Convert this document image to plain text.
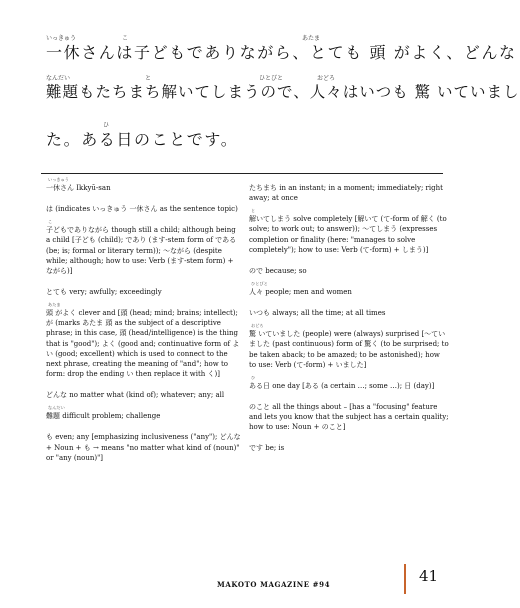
いっきゅう	こ	あたま
一休さんは子どもでありながら、とても 頭 がよく、どんな
なんだい	と	ひとびと	おどろ
難題もたちまち解いてしまうので、人々はいつも 驚 いていまし
ひ
た。ある日のことです。
いっきゅう
一休さん Ikkyū-san
は (indicates いっきゅう 一休さん as the sentence topic)
こ
子どもでありながら though still a child; although being a child [子ども (child); であり (ます-stem form of である (be; is; formal or literary term)); ～ながら (despite while; although; how to use: Verb (ます-stem form) + ながら)]
とても very; awfully; exceedingly
あたま
頭 がよく clever and [頭 (head; mind; brains; intellect); が (marks あたま 頭 as the subject of a descriptive phrase; in this case, 頭 (head/intelligence) is the thing that is "good"); よく (good and; continuative form of よい (good; excellent) which is used to connect to the next phrase, creating the meaning of "and"; how to form: drop the ending い then replace it with く)]
どんな no matter what (kind of); whatever; any; all
なんだい
難題 difficult problem; challenge
も even; any [emphasizing inclusiveness ("any"); どんな + Noun + も → means "no matter what kind of (noun)" or "any (noun)"]
たちまち in an instant; in a moment; immediately; right away; at once
と
解いてしまう solve completely [解いて (て-form of 解く (to solve; to work out; to answer)); ～てしまう (expresses completion or finality (here: "manages to solve completely"); how to use: Verb (て-form) + しまう)]
ので because; so
ひとびと
人々 people; men and women
いつも always; all the time; at all times
おどろ
驚 いていました (people) were (always) surprised [～ていました (past continuous) form of 驚く (to be surprised; to be taken aback; to be amazed; to be astonished); how to use: Verb (て-form) + いました]
ひ
ある日 one day [ある (a certain …; some …); 日 (day)]
のこと all the things about – [has a "focusing" feature and lets you know that the subject has a certain quality; how to use: Noun + のこと]
です be; is
MAKOTO MAGAZINE #94	41
